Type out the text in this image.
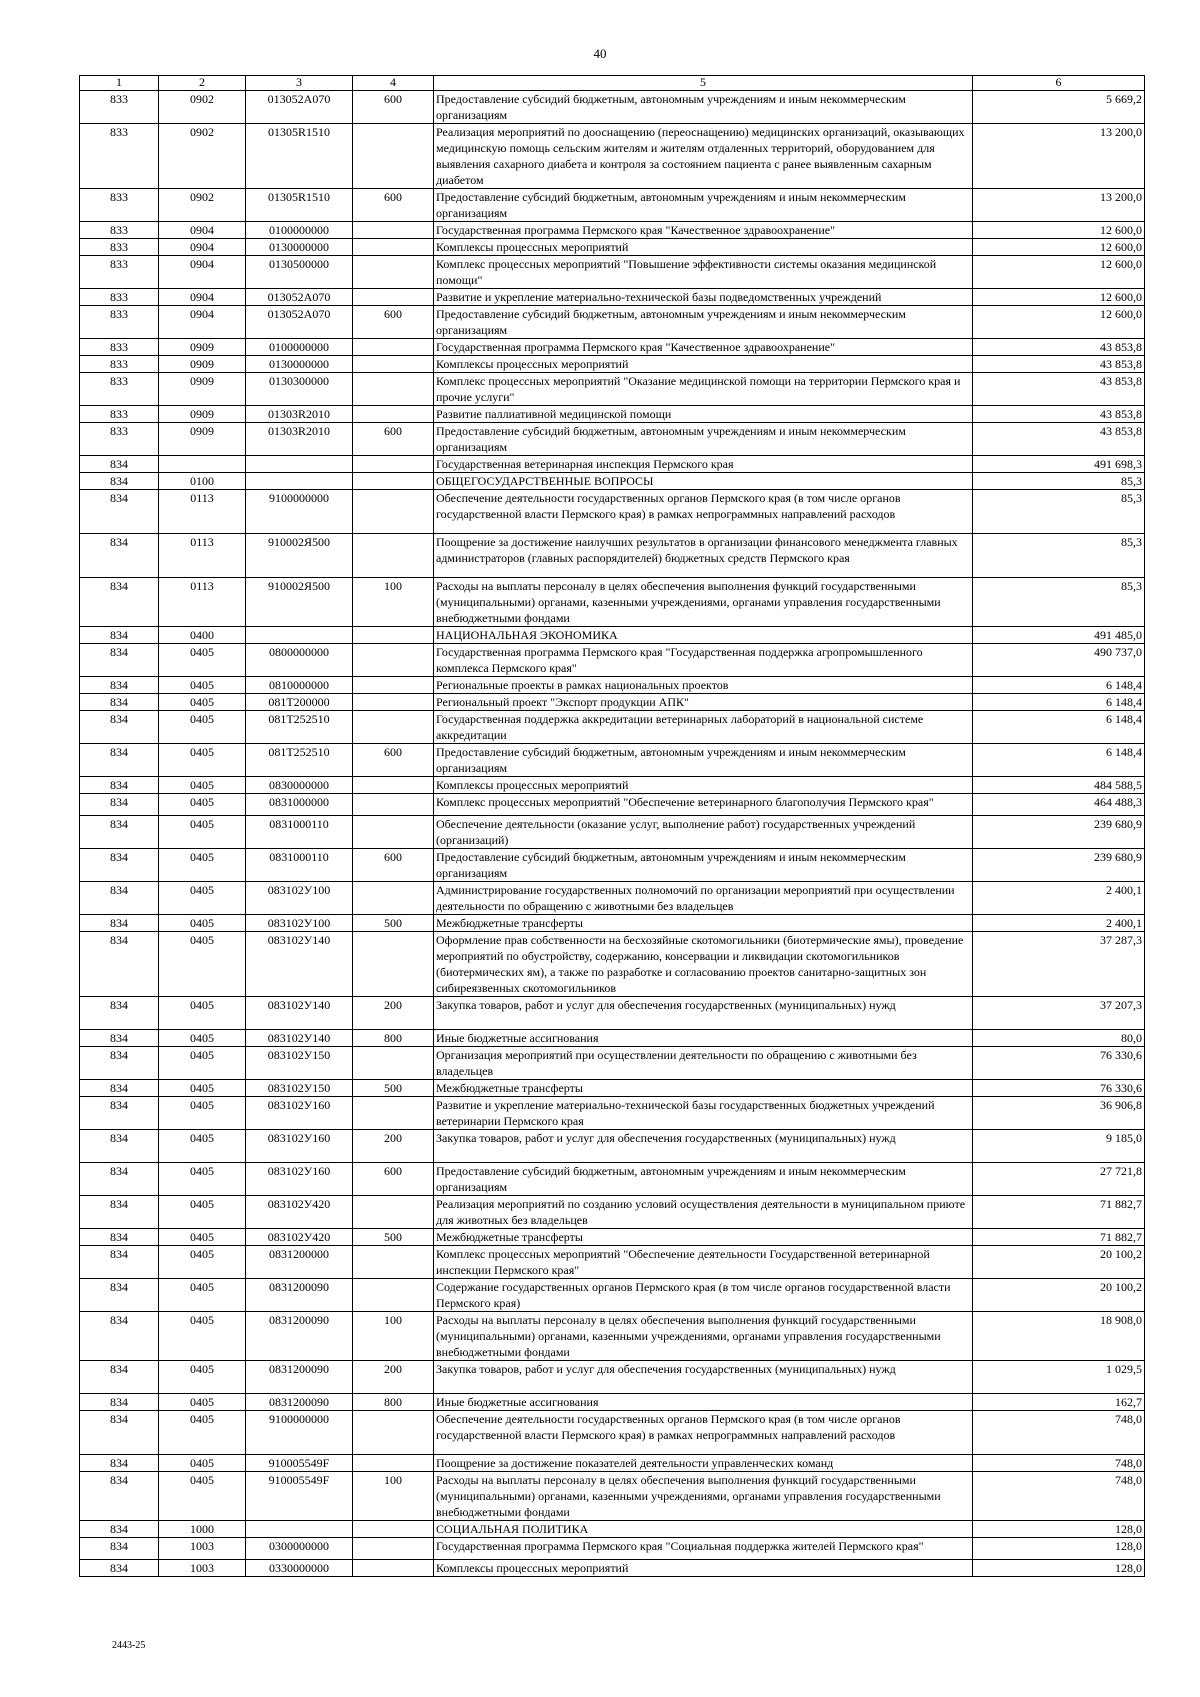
40
1	2	3	4	5	6
833	0902	013052А070	600	Предоставление субсидий бюджетным, автономным учреждениям и иным некоммерческим организациям	5 669,2
833	0902	01305R1510		Реализация мероприятий по дооснащению (переоснащению) медицинских организаций, оказывающих медицинскую помощь сельским жителям и жителям отдаленных территорий, оборудованием для выявления сахарного диабета и контроля за состоянием пациента с ранее выявленным сахарным диабетом	13 200,0
833	0902	01305R1510	600	Предоставление субсидий бюджетным, автономным учреждениям и иным некоммерческим организациям	13 200,0
833	0904	0100000000		Государственная программа Пермского края "Качественное здравоохранение"	12 600,0
833	0904	0130000000		Комплексы процессных мероприятий	12 600,0
833	0904	0130500000		Комплекс процессных мероприятий "Повышение эффективности системы оказания медицинской помощи"	12 600,0
833	0904	013052А070		Развитие и укрепление материально-технической базы подведомственных учреждений	12 600,0
833	0904	013052А070	600	Предоставление субсидий бюджетным, автономным учреждениям и иным некоммерческим организациям	12 600,0
833	0909	0100000000		Государственная программа Пермского края "Качественное здравоохранение"	43 853,8
833	0909	0130000000		Комплексы процессных мероприятий	43 853,8
833	0909	0130300000		Комплекс процессных мероприятий "Оказание медицинской помощи на территории Пермского края и прочие услуги"	43 853,8
833	0909	01303R2010		Развитие паллиативной медицинской помощи	43 853,8
833	0909	01303R2010	600	Предоставление субсидий бюджетным, автономным учреждениям и иным некоммерческим организациям	43 853,8
834				Государственная ветеринарная инспекция Пермского края	491 698,3
834	0100			ОБЩЕГОСУДАРСТВЕННЫЕ ВОПРОСЫ	85,3
834	0113	9100000000		Обеспечение деятельности государственных органов Пермского края (в том числе органов государственной власти Пермского края) в рамках непрограммных направлений расходов	85,3
834	0113	910002Я500		Поощрение за достижение наилучших результатов в организации финансового менеджмента главных администраторов (главных распорядителей) бюджетных средств Пермского края	85,3
834	0113	910002Я500	100	Расходы на выплаты персоналу в целях обеспечения выполнения функций государственными (муниципальными) органами, казенными учреждениями, органами управления государственными внебюджетными фондами	85,3
834	0400			НАЦИОНАЛЬНАЯ ЭКОНОМИКА	491 485,0
834	0405	0800000000		Государственная программа Пермского края "Государственная поддержка агропромышленного комплекса Пермского края"	490 737,0
834	0405	0810000000		Региональные проекты в рамках национальных проектов	6 148,4
834	0405	081Т200000		Региональный проект "Экспорт продукции АПК"	6 148,4
834	0405	081Т252510		Государственная поддержка аккредитации ветеринарных лабораторий в национальной системе аккредитации	6 148,4
834	0405	081Т252510	600	Предоставление субсидий бюджетным, автономным учреждениям и иным некоммерческим организациям	6 148,4
834	0405	0830000000		Комплексы процессных мероприятий	484 588,5
834	0405	0831000000		Комплекс процессных мероприятий "Обеспечение ветеринарного благополучия Пермского края"	464 488,3
834	0405	0831000110		Обеспечение деятельности (оказание услуг, выполнение работ) государственных учреждений (организаций)	239 680,9
834	0405	0831000110	600	Предоставление субсидий бюджетным, автономным учреждениям и иным некоммерческим организациям	239 680,9
834	0405	083102У100		Администрирование государственных полномочий по организации мероприятий при осуществлении деятельности по обращению с животными без владельцев	2 400,1
834	0405	083102У100	500	Межбюджетные трансферты	2 400,1
834	0405	083102У140		Оформление прав собственности на бесхозяйные скотомогильники (биотермические ямы), проведение мероприятий по обустройству, содержанию, консервации и ликвидации скотомогильников (биотермических ям), а также по разработке и согласованию проектов санитарно-защитных зон сибиреязвенных скотомогильников	37 287,3
834	0405	083102У140	200	Закупка товаров, работ и услуг для обеспечения государственных (муниципальных) нужд	37 207,3
834	0405	083102У140	800	Иные бюджетные ассигнования	80,0
834	0405	083102У150		Организация мероприятий при осуществлении деятельности по обращению с животными без владельцев	76 330,6
834	0405	083102У150	500	Межбюджетные трансферты	76 330,6
834	0405	083102У160		Развитие и укрепление материально-технической базы государственных бюджетных учреждений ветеринарии Пермского края	36 906,8
834	0405	083102У160	200	Закупка товаров, работ и услуг для обеспечения государственных (муниципальных) нужд	9 185,0
834	0405	083102У160	600	Предоставление субсидий бюджетным, автономным учреждениям и иным некоммерческим организациям	27 721,8
834	0405	083102У420		Реализация мероприятий по созданию условий осуществления деятельности в муниципальном приюте для животных без владельцев	71 882,7
834	0405	083102У420	500	Межбюджетные трансферты	71 882,7
834	0405	0831200000		Комплекс процессных мероприятий "Обеспечение деятельности Государственной ветеринарной инспекции Пермского края"	20 100,2
834	0405	0831200090		Содержание государственных органов Пермского края (в том числе органов государственной власти Пермского края)	20 100,2
834	0405	0831200090	100	Расходы на выплаты персоналу в целях обеспечения выполнения функций государственными (муниципальными) органами, казенными учреждениями, органами управления государственными внебюджетными фондами	18 908,0
834	0405	0831200090	200	Закупка товаров, работ и услуг для обеспечения государственных (муниципальных) нужд	1 029,5
834	0405	0831200090	800	Иные бюджетные ассигнования	162,7
834	0405	9100000000		Обеспечение деятельности государственных органов Пермского края (в том числе органов государственной власти Пермского края) в рамках непрограммных направлений расходов	748,0
834	0405	910005549F		Поощрение за достижение показателей деятельности управленческих команд	748,0
834	0405	910005549F	100	Расходы на выплаты персоналу в целях обеспечения выполнения функций государственными (муниципальными) органами, казенными учреждениями, органами управления государственными внебюджетными фондами	748,0
834	1000			СОЦИАЛЬНАЯ ПОЛИТИКА	128,0
834	1003	0300000000		Государственная программа Пермского края "Социальная поддержка жителей Пермского края"	128,0
834	1003	0330000000		Комплексы процессных мероприятий	128,0
2443-25
